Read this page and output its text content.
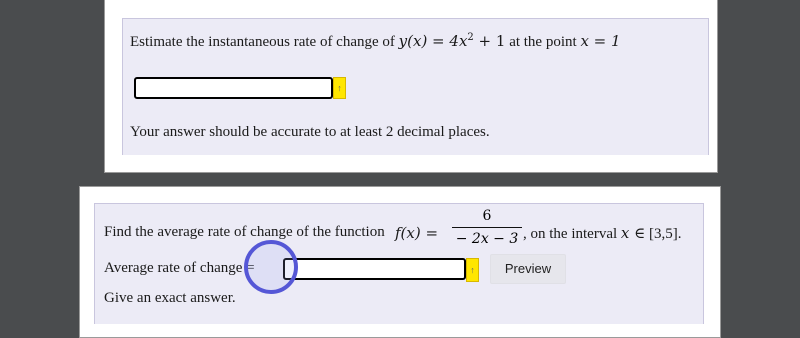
Estimate the instantaneous rate of change of $y(x) = 4x^2 + 1$ at the point x = 1
↑
Your answer should be accurate to at least 2 decimal places.
Find the average rate of change of the function f(x) =
6
− 2x − 3 , on the interval x ∈ [3,5].
Average rate of change =	↑	Preview
Give an exact answer.
